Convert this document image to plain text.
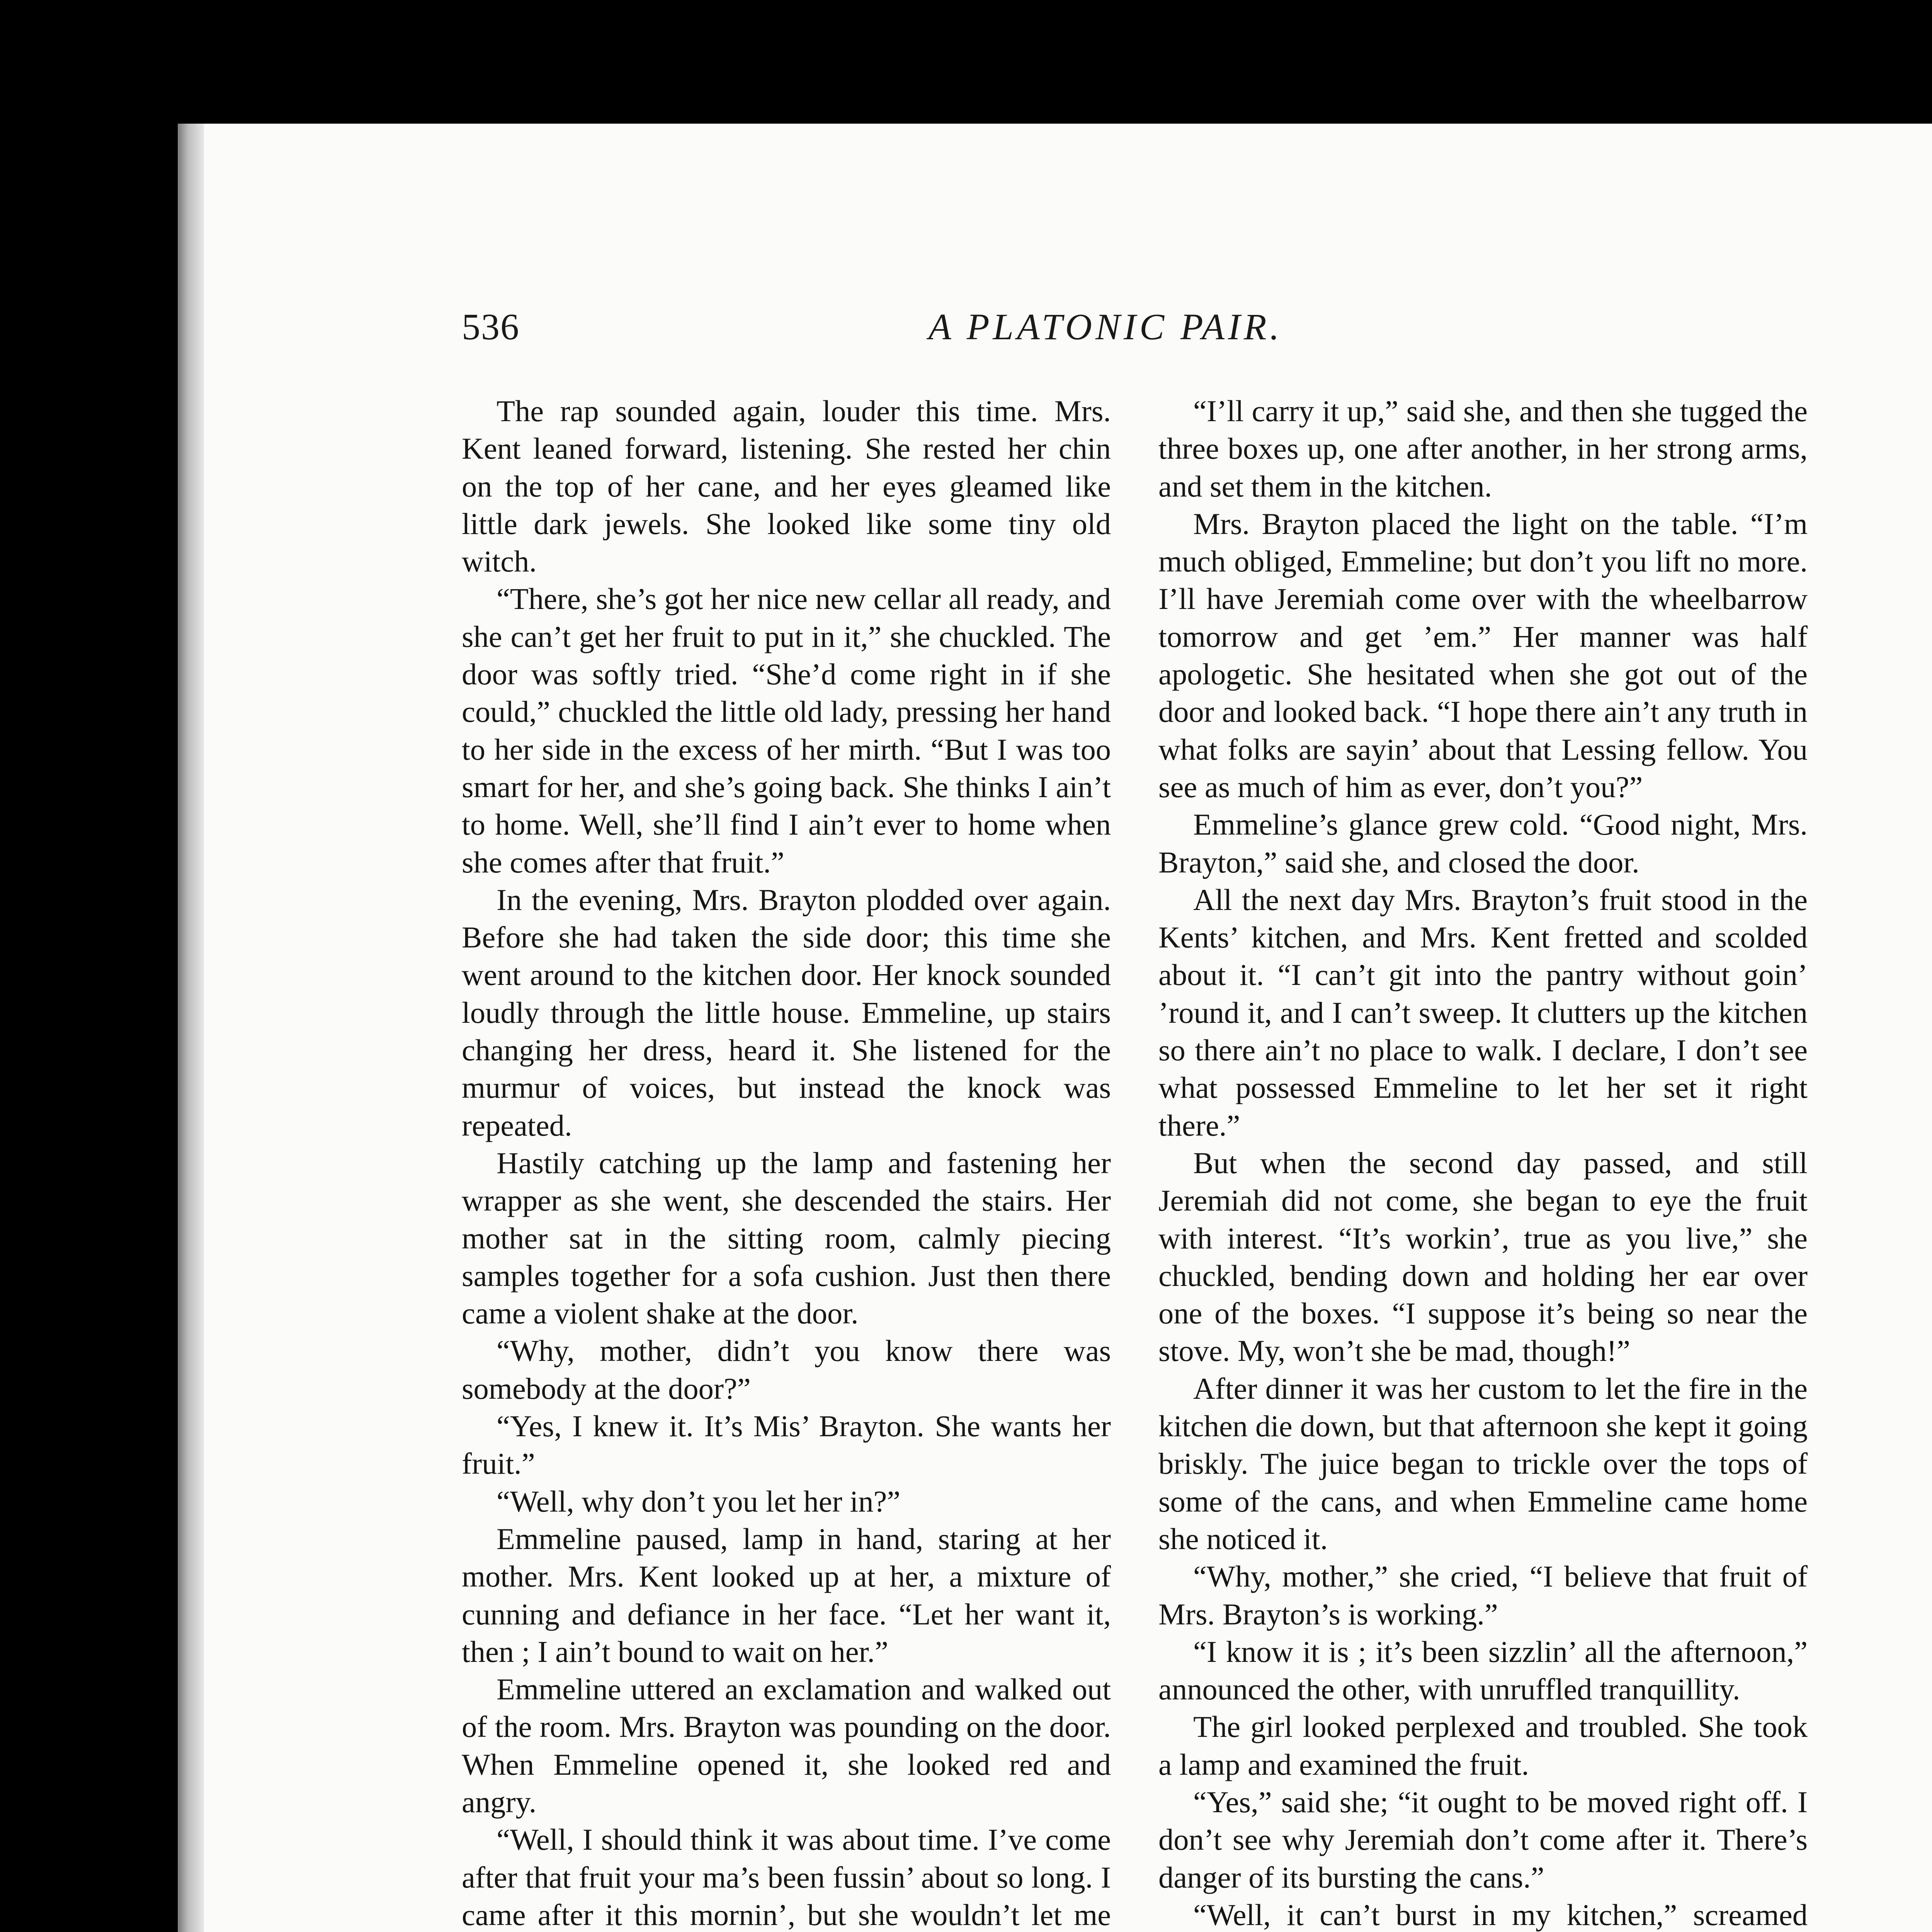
536	A PLATONIC PAIR.

The rap sounded again, louder this time. Mrs. Kent leaned forward, listening. She rested her chin on the top of her cane, and her eyes gleamed like little dark jewels. She looked like some tiny old witch.

“There, she’s got her nice new cellar all ready, and she can’t get her fruit to put in it,” she chuckled. The door was softly tried. “She’d come right in if she could,” chuckled the little old lady, pressing her hand to her side in the excess of her mirth. “But I was too smart for her, and she’s going back. She thinks I ain’t to home. Well, she’ll find I ain’t ever to home when she comes after that fruit.”

In the evening, Mrs. Brayton plodded over again. Before she had taken the side door; this time she went around to the kitchen door. Her knock sounded loudly through the little house. Emmeline, up stairs changing her dress, heard it. She listened for the murmur of voices, but instead the knock was repeated.

Hastily catching up the lamp and fastening her wrapper as she went, she descended the stairs. Her mother sat in the sitting room, calmly piecing samples together for a sofa cushion. Just then there came a violent shake at the door.

“Why, mother, didn’t you know there was somebody at the door?”

“Yes, I knew it. It’s Mis’ Brayton. She wants her fruit.”

“Well, why don’t you let her in?”

Emmeline paused, lamp in hand, staring at her mother. Mrs. Kent looked up at her, a mixture of cunning and defiance in her face. “Let her want it, then ; I ain’t bound to wait on her.”

Emmeline uttered an exclamation and walked out of the room. Mrs. Brayton was pounding on the door. When Emmeline opened it, she looked red and angry.

“Well, I should think it was about time. I’ve come after that fruit your ma’s been fussin’ about so long. I came after it this mornin’, but she wouldn’t let me

“I’ll carry it up,” said she, and then she tugged the three boxes up, one after another, in her strong arms, and set them in the kitchen.

Mrs. Brayton placed the light on the table. “I’m much obliged, Emmeline; but don’t you lift no more. I’ll have Jeremiah come over with the wheelbarrow tomorrow and get ’em.” Her manner was half apologetic. She hesitated when she got out of the door and looked back. “I hope there ain’t any truth in what folks are sayin’ about that Lessing fellow. You see as much of him as ever, don’t you?”

Emmeline’s glance grew cold. “Good night, Mrs. Brayton,” said she, and closed the door.

All the next day Mrs. Brayton’s fruit stood in the Kents’ kitchen, and Mrs. Kent fretted and scolded about it. “I can’t git into the pantry without goin’ ’round it, and I can’t sweep. It clutters up the kitchen so there ain’t no place to walk. I declare, I don’t see what possessed Emmeline to let her set it right there.”

But when the second day passed, and still Jeremiah did not come, she began to eye the fruit with interest. “It’s workin’, true as you live,” she chuckled, bending down and holding her ear over one of the boxes. “I suppose it’s being so near the stove. My, won’t she be mad, though!”

After dinner it was her custom to let the fire in the kitchen die down, but that afternoon she kept it going briskly. The juice began to trickle over the tops of some of the cans, and when Emmeline came home she noticed it.

“Why, mother,” she cried, “I believe that fruit of Mrs. Brayton’s is working.”

“I know it is ; it’s been sizzlin’ all the afternoon,” announced the other, with unruffled tranquillity.

The girl looked perplexed and troubled. She took a lamp and examined the fruit.

“Yes,” said she; “it ought to be moved right off. I don’t see why Jeremiah don’t come after it. There’s danger of its bursting the cans.”

“Well, it can’t burst in my kitchen,” screamed
